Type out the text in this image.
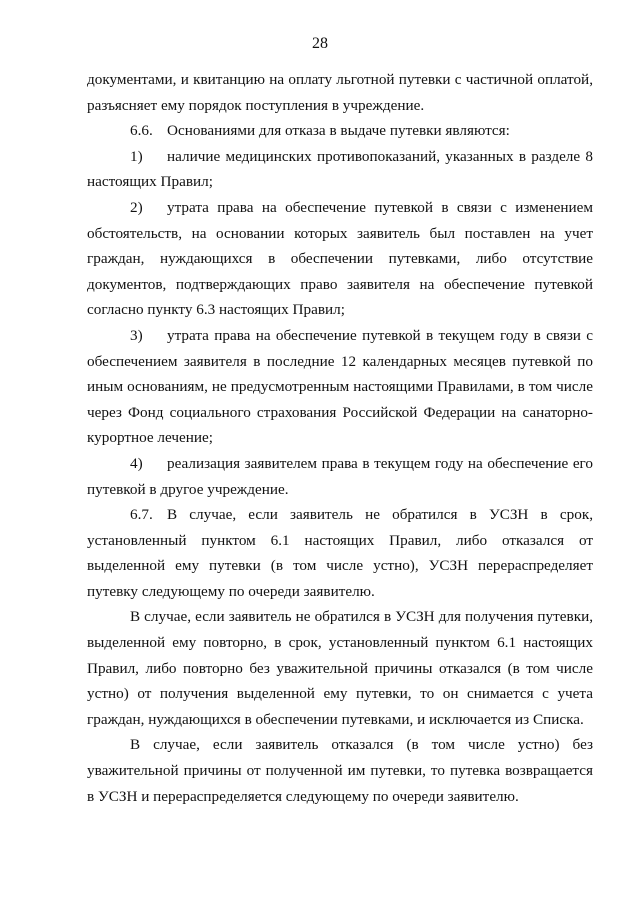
28

документами, и квитанцию на оплату льготной путевки с частичной оплатой, разъясняет ему порядок поступления в учреждение.

6.6. Основаниями для отказа в выдаче путевки являются:

1) наличие медицинских противопоказаний, указанных в разделе 8 настоящих Правил;

2) утрата права на обеспечение путевкой в связи с изменением обстоятельств, на основании которых заявитель был поставлен на учет граждан, нуждающихся в обеспечении путевками, либо отсутствие документов, подтверждающих право заявителя на обеспечение путевкой согласно пункту 6.3 настоящих Правил;

3) утрата права на обеспечение путевкой в текущем году в связи с обеспечением заявителя в последние 12 календарных месяцев путевкой по иным основаниям, не предусмотренным настоящими Правилами, в том числе через Фонд социального страхования Российской Федерации на санаторно-курортное лечение;

4) реализация заявителем права в текущем году на обеспечение его путевкой в другое учреждение.

6.7. В случае, если заявитель не обратился в УСЗН в срок, установленный пунктом 6.1 настоящих Правил, либо отказался от выделенной ему путевки (в том числе устно), УСЗН перераспределяет путевку следующему по очереди заявителю.

В случае, если заявитель не обратился в УСЗН для получения путевки, выделенной ему повторно, в срок, установленный пунктом 6.1 настоящих Правил, либо повторно без уважительной причины отказался (в том числе устно) от получения выделенной ему путевки, то он снимается с учета граждан, нуждающихся в обеспечении путевками, и исключается из Списка.

В случае, если заявитель отказался (в том числе устно) без уважительной причины от полученной им путевки, то путевка возвращается в УСЗН и перераспределяется следующему по очереди заявителю.
